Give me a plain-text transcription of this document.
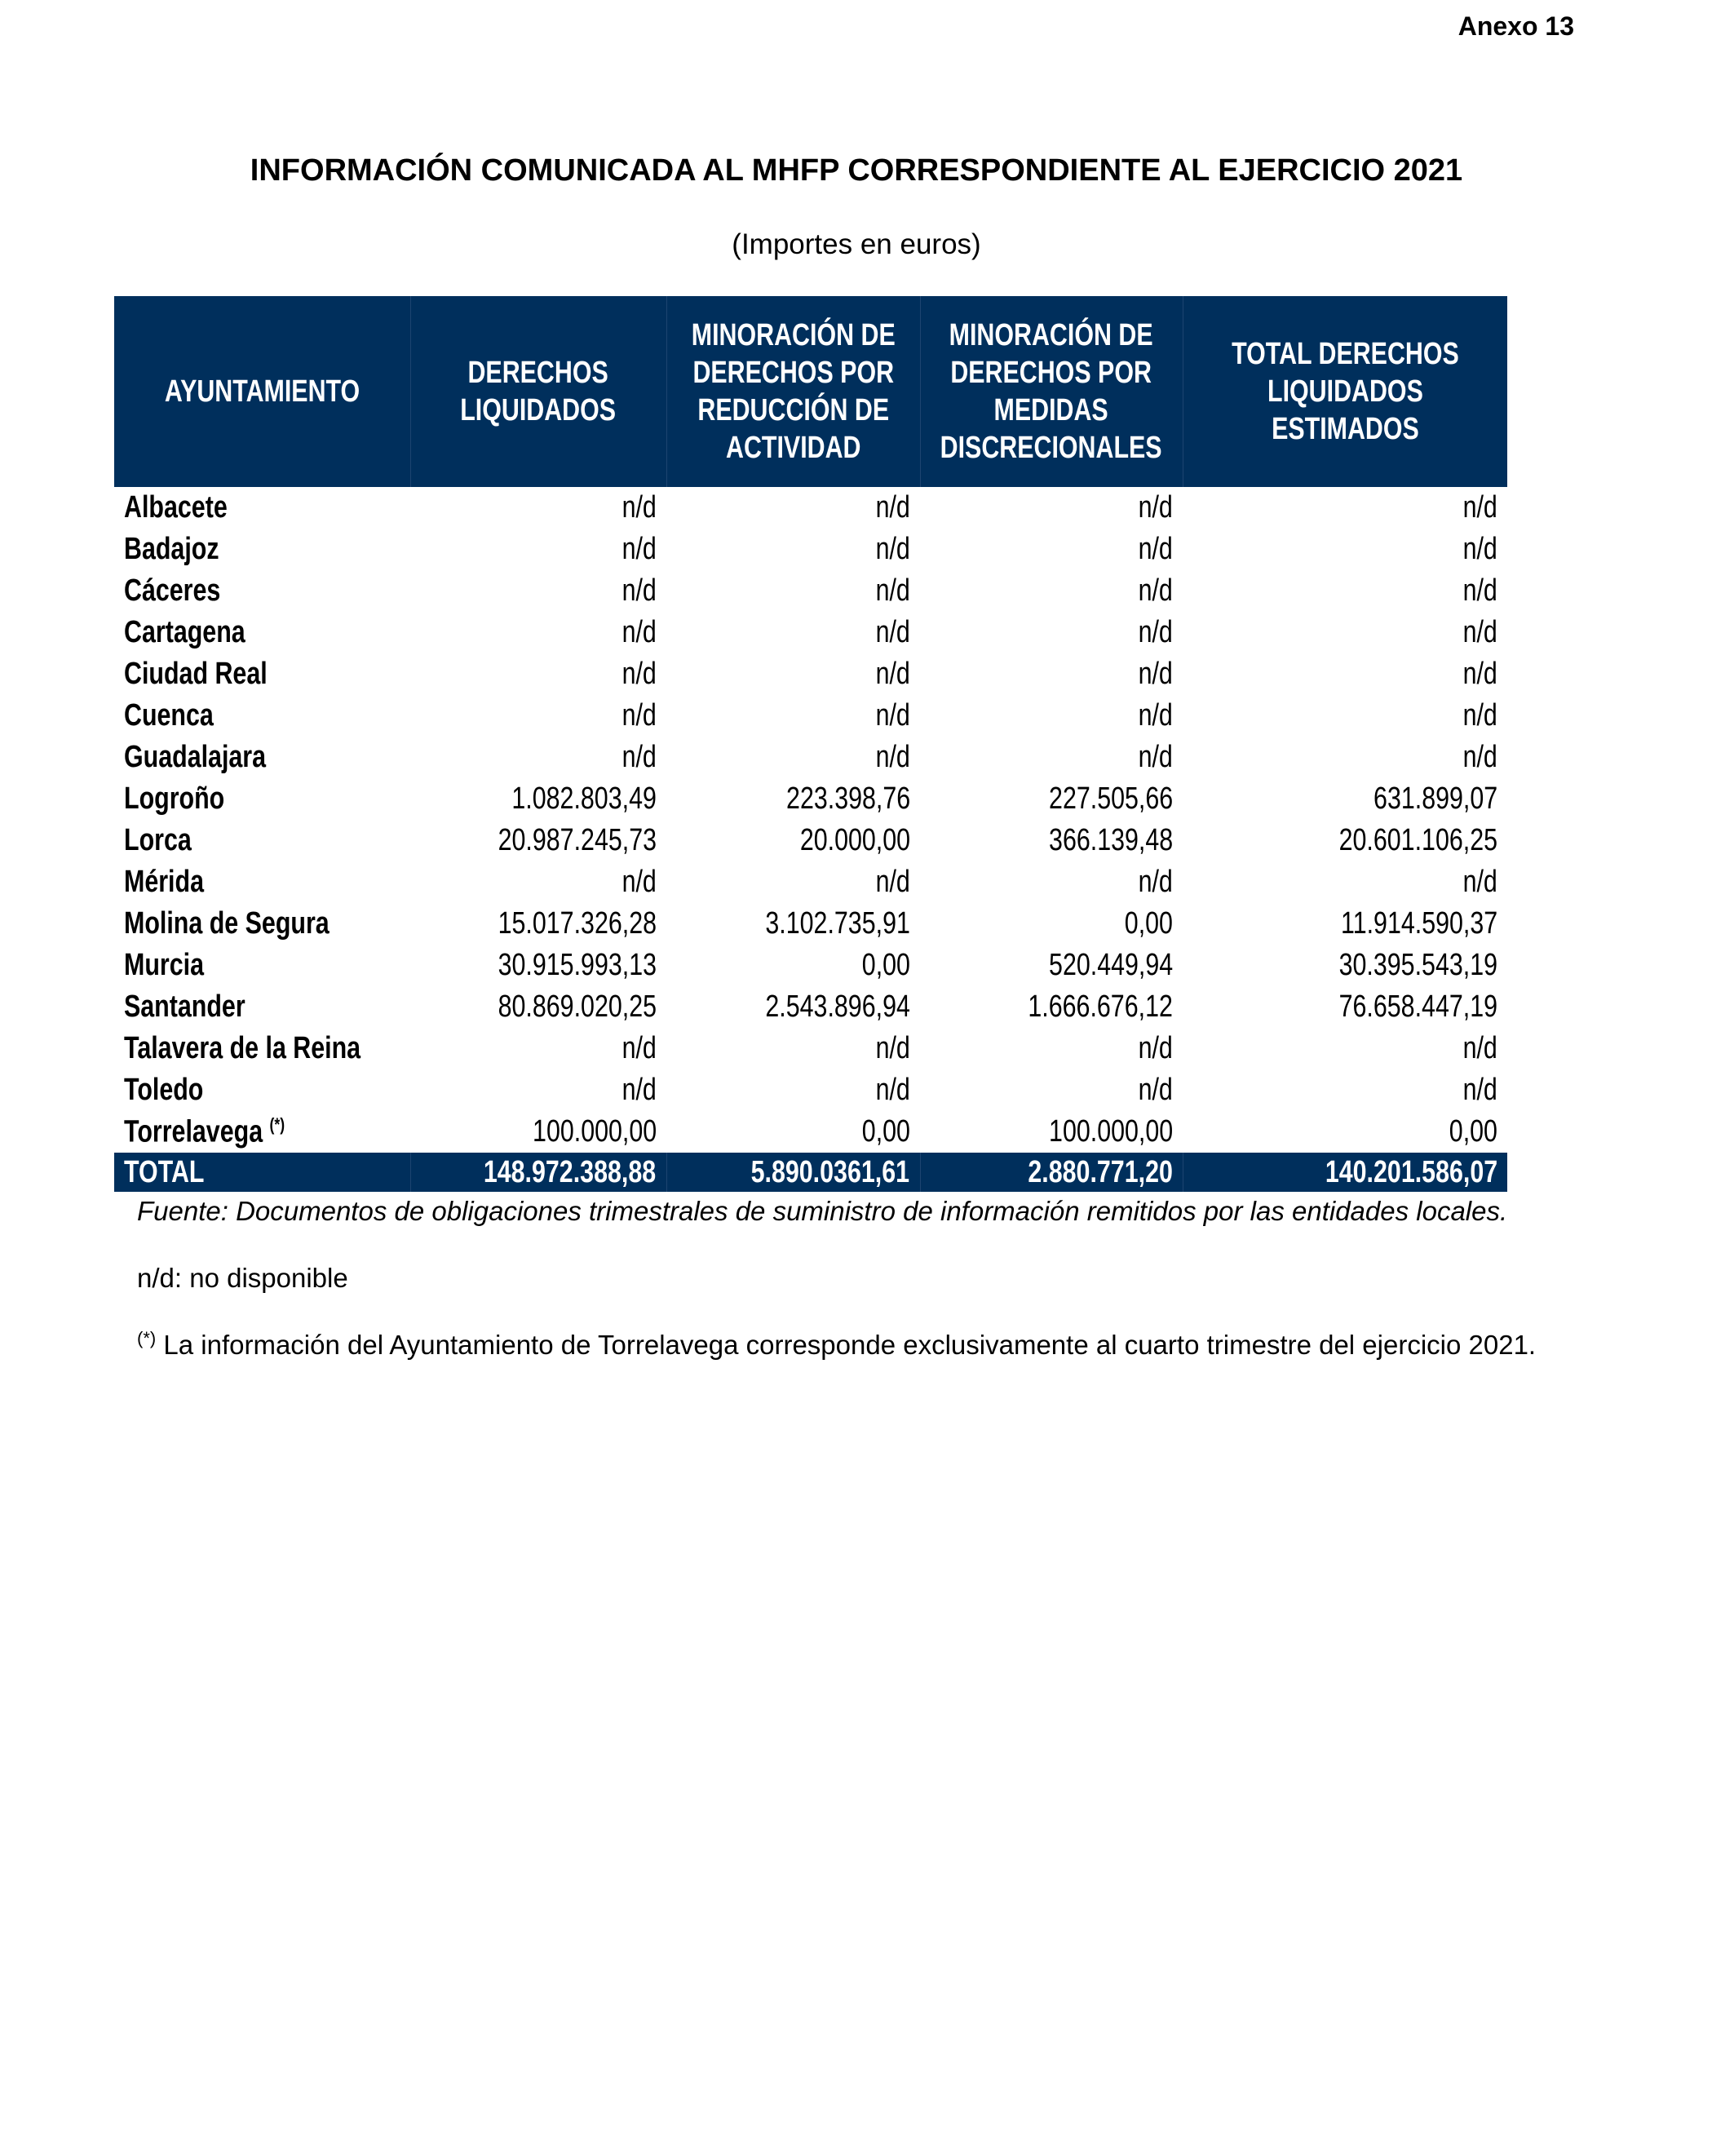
Anexo 13
INFORMACIÓN COMUNICADA AL MHFP CORRESPONDIENTE AL EJERCICIO 2021
(Importes en euros)
AYUNTAMIENTO	DERECHOS LIQUIDADOS	MINORACIÓN DE DERECHOS POR REDUCCIÓN DE ACTIVIDAD	MINORACIÓN DE DERECHOS POR MEDIDAS DISCRECIONALES	TOTAL DERECHOS LIQUIDADOS ESTIMADOS
Albacete	n/d	n/d	n/d	n/d
Badajoz	n/d	n/d	n/d	n/d
Cáceres	n/d	n/d	n/d	n/d
Cartagena	n/d	n/d	n/d	n/d
Ciudad Real	n/d	n/d	n/d	n/d
Cuenca	n/d	n/d	n/d	n/d
Guadalajara	n/d	n/d	n/d	n/d
Logroño	1.082.803,49	223.398,76	227.505,66	631.899,07
Lorca	20.987.245,73	20.000,00	366.139,48	20.601.106,25
Mérida	n/d	n/d	n/d	n/d
Molina de Segura	15.017.326,28	3.102.735,91	0,00	11.914.590,37
Murcia	30.915.993,13	0,00	520.449,94	30.395.543,19
Santander	80.869.020,25	2.543.896,94	1.666.676,12	76.658.447,19
Talavera de la Reina	n/d	n/d	n/d	n/d
Toledo	n/d	n/d	n/d	n/d
Torrelavega (*)	100.000,00	0,00	100.000,00	0,00
TOTAL	148.972.388,88	5.890.0361,61	2.880.771,20	140.201.586,07
Fuente: Documentos de obligaciones trimestrales de suministro de información remitidos por las entidades locales.
n/d: no disponible
(*) La información del Ayuntamiento de Torrelavega corresponde exclusivamente al cuarto trimestre del ejercicio 2021.
